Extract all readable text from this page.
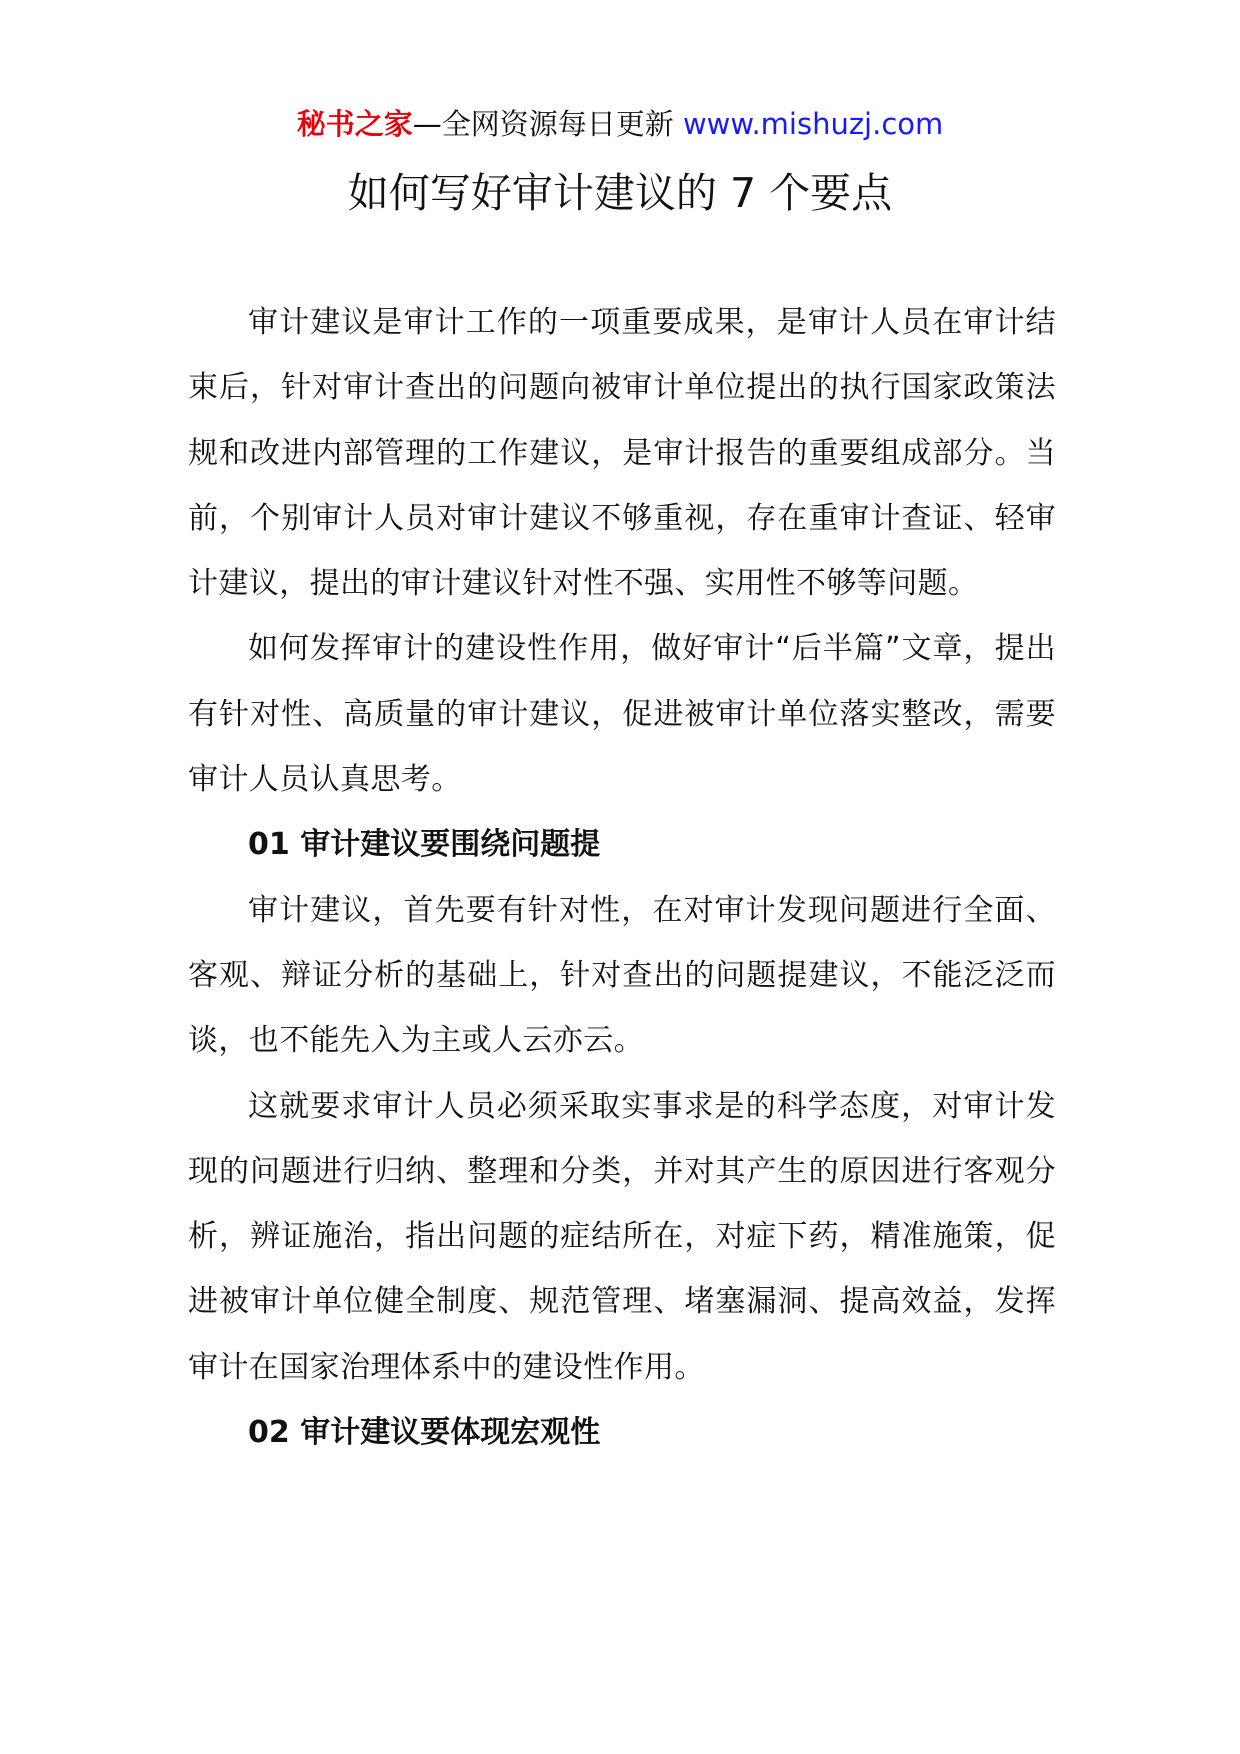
秘书之家—全网资源每日更新 www.mishuzj.com
如何写好审计建议的 7 个要点

审计建议是审计工作的一项重要成果，是审计人员在审计结束后，针对审计查出的问题向被审计单位提出的执行国家政策法规和改进内部管理的工作建议，是审计报告的重要组成部分。当前，个别审计人员对审计建议不够重视，存在重审计查证、轻审计建议，提出的审计建议针对性不强、实用性不够等问题。

如何发挥审计的建设性作用，做好审计“后半篇”文章，提出有针对性、高质量的审计建议，促进被审计单位落实整改，需要审计人员认真思考。

01 审计建议要围绕问题提

审计建议，首先要有针对性，在对审计发现问题进行全面、客观、辩证分析的基础上，针对查出的问题提建议，不能泛泛而谈，也不能先入为主或人云亦云。

这就要求审计人员必须采取实事求是的科学态度，对审计发现的问题进行归纳、整理和分类，并对其产生的原因进行客观分析，辨证施治，指出问题的症结所在，对症下药，精准施策，促进被审计单位健全制度、规范管理、堵塞漏洞、提高效益，发挥审计在国家治理体系中的建设性作用。

02 审计建议要体现宏观性
